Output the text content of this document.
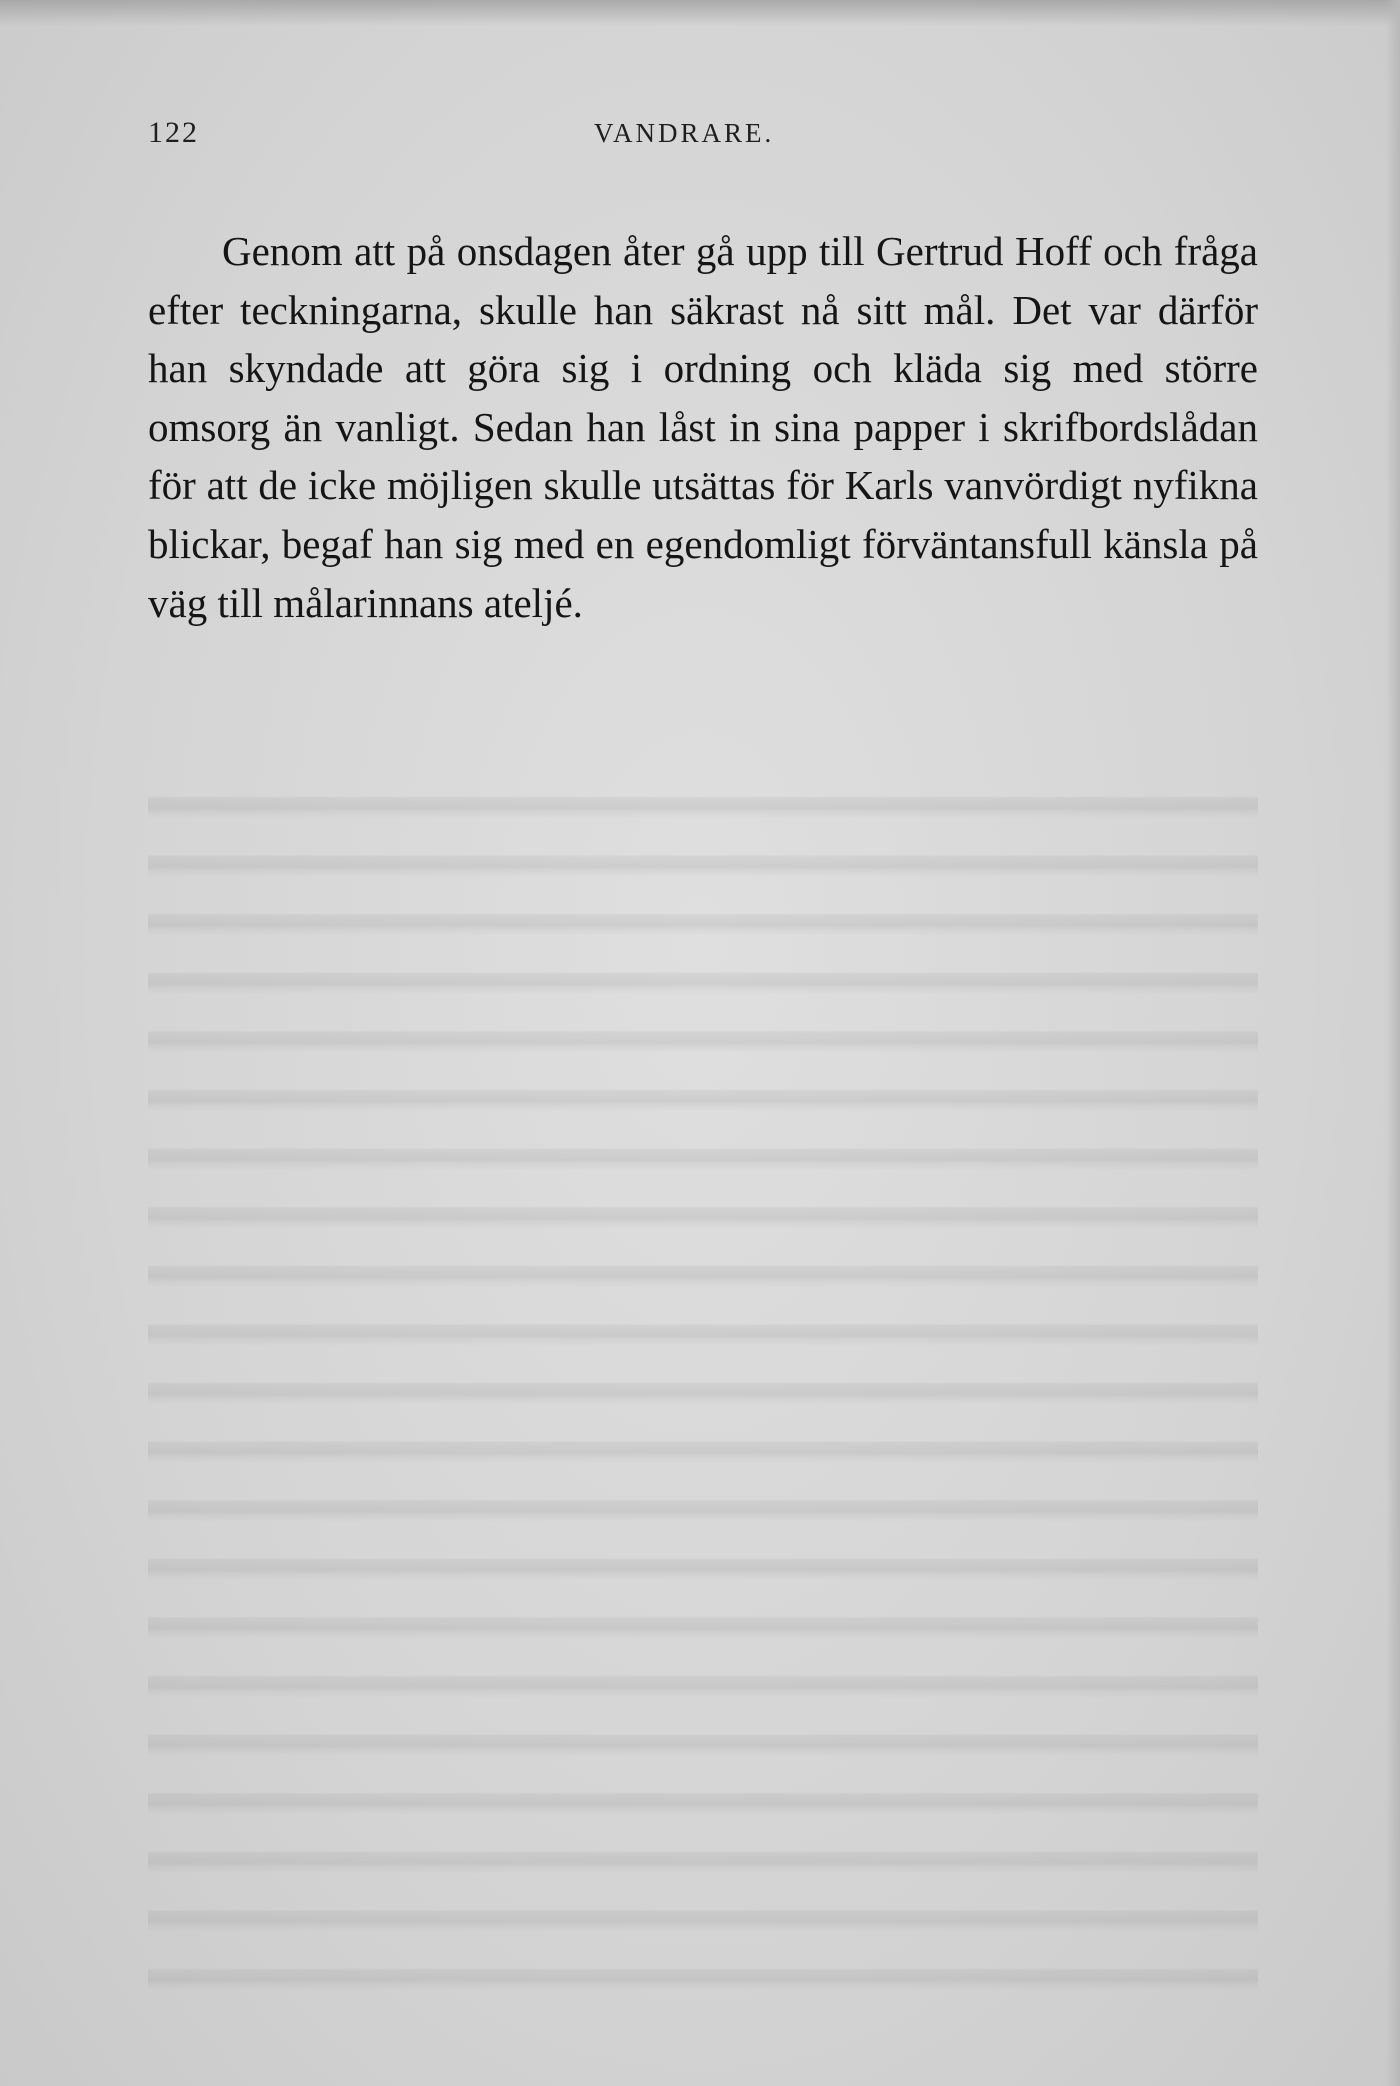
122	VANDRARE.

Genom att på onsdagen åter gå upp till Gertrud Hoff och fråga efter teckningarna, skulle han säkrast nå sitt mål. Det var därför han skyndade att göra sig i ordning och kläda sig med större omsorg än vanligt. Sedan han låst in sina papper i skrifbordslådan för att de icke möjligen skulle utsättas för Karls vanvördigt nyfikna blickar, begaf han sig med en egendomligt förväntansfull känsla på väg till målarinnans atelјé.
